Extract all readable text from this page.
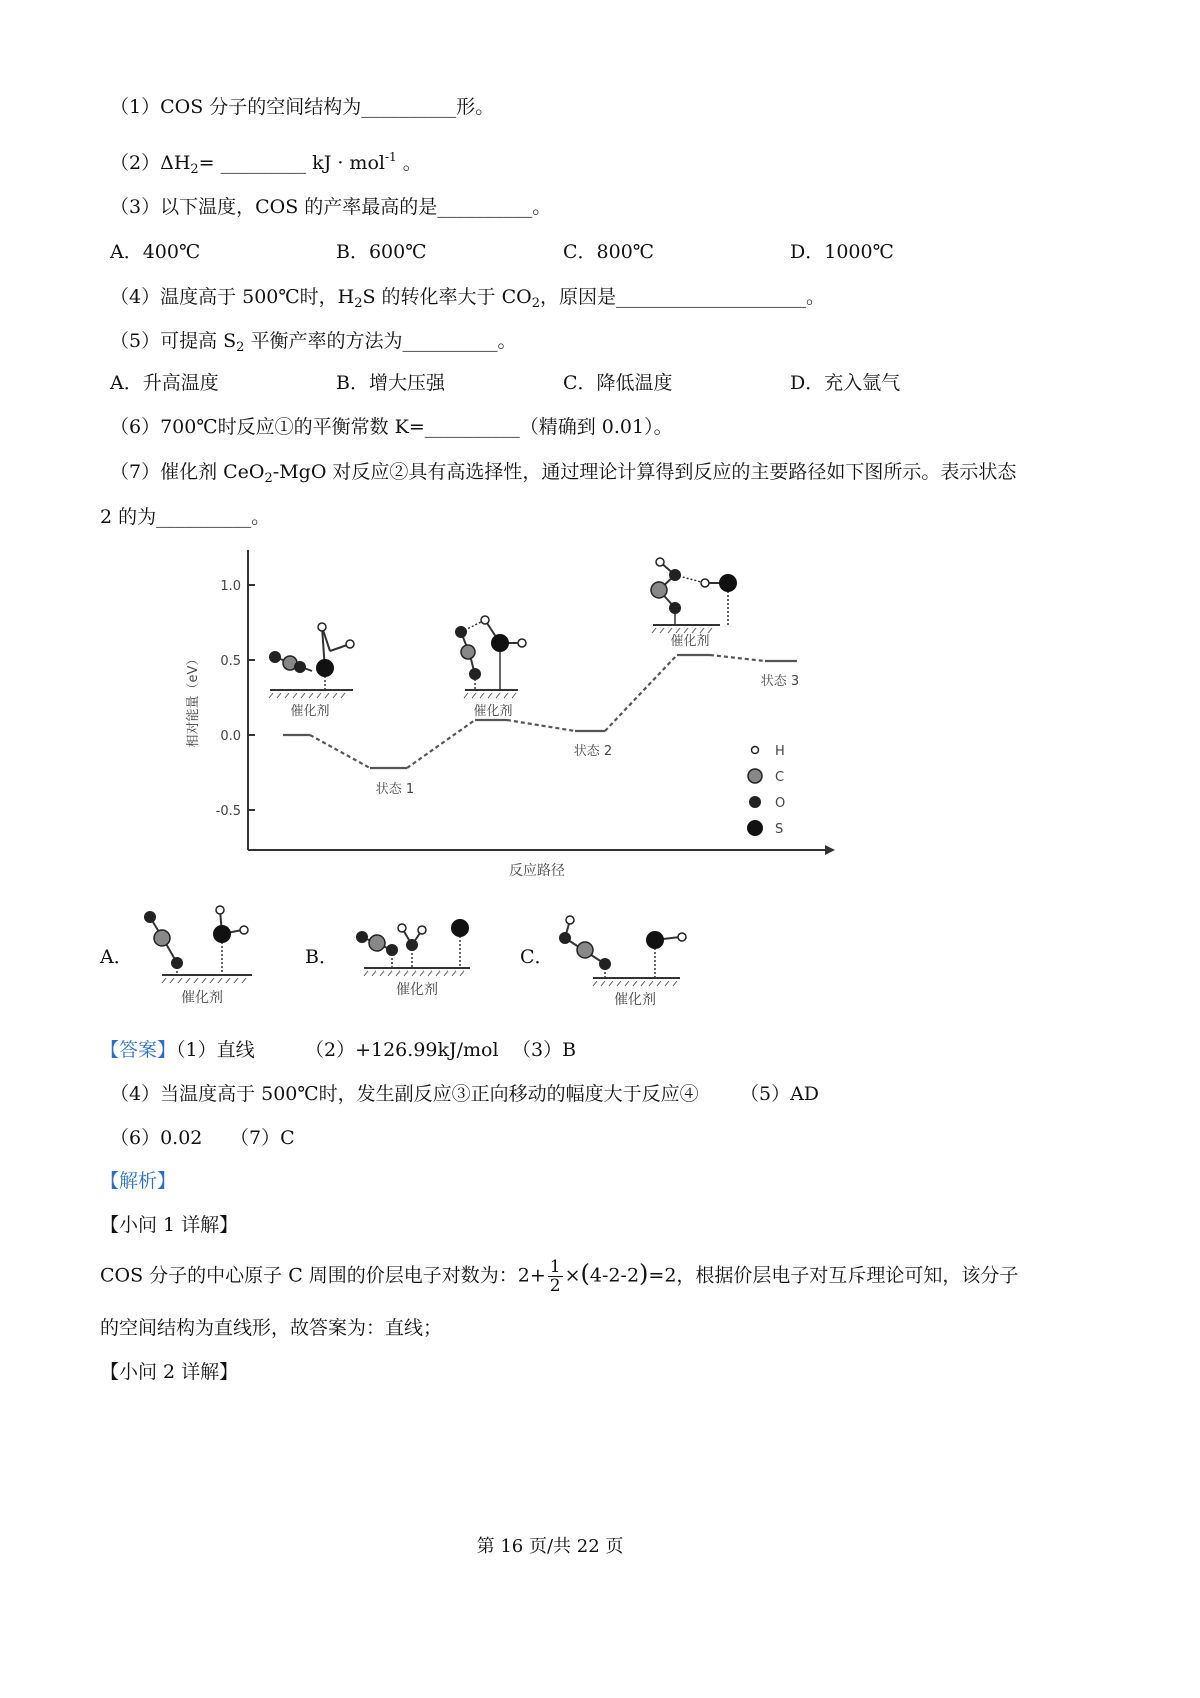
（1）COS 分子的空间结构为__________形。
$(2)\Delta H_2=$ _________ kJ · mol$^{-1}$ 。
（3）以下温度，COS 的产率最高的是__________。
A．400℃	B．600℃	C．800℃	D．1000℃
（4）温度高于 500℃时，$H_2S$ 的转化率大于 $CO_2$，原因是____________________。
（5）可提高 $S_2$ 平衡产率的方法为__________。
A．升高温度	B．增大压强	C．降低温度	D．充入氩气
（6）700℃时反应①的平衡常数 K=__________（精确到 0.01）。
（7）催化剂 CeO$_2$-MgO 对反应②具有高选择性，通过理论计算得到反应的主要路径如下图所示。表示状态
2 的为__________。
1.0
0.5
0.0
-0.5
相对能量（eV）
反应路径
状态 1
状态 2
状态 3
催化剂	催化剂
催化剂
H
C
O
S
A．
催化剂
B．
催化剂
C．
催化剂
【答案】（1）直线	（2）+126.99kJ/mol （3）B
（4）当温度高于 500℃时，发生副反应③正向移动的幅度大于反应④ （5）AD
（6）0.02 （7）C
【解析】
【小问 1 详解】
COS 分子的中心原子 C 周围的价层电子对数为：$2+ \frac{1}{2} \times(4-2-2)=2$，根据价层电子对互斥理论可知，该分子
的空间结构为直线形，故答案为：直线；
【小问 2 详解】
第 16 页/共 22 页
